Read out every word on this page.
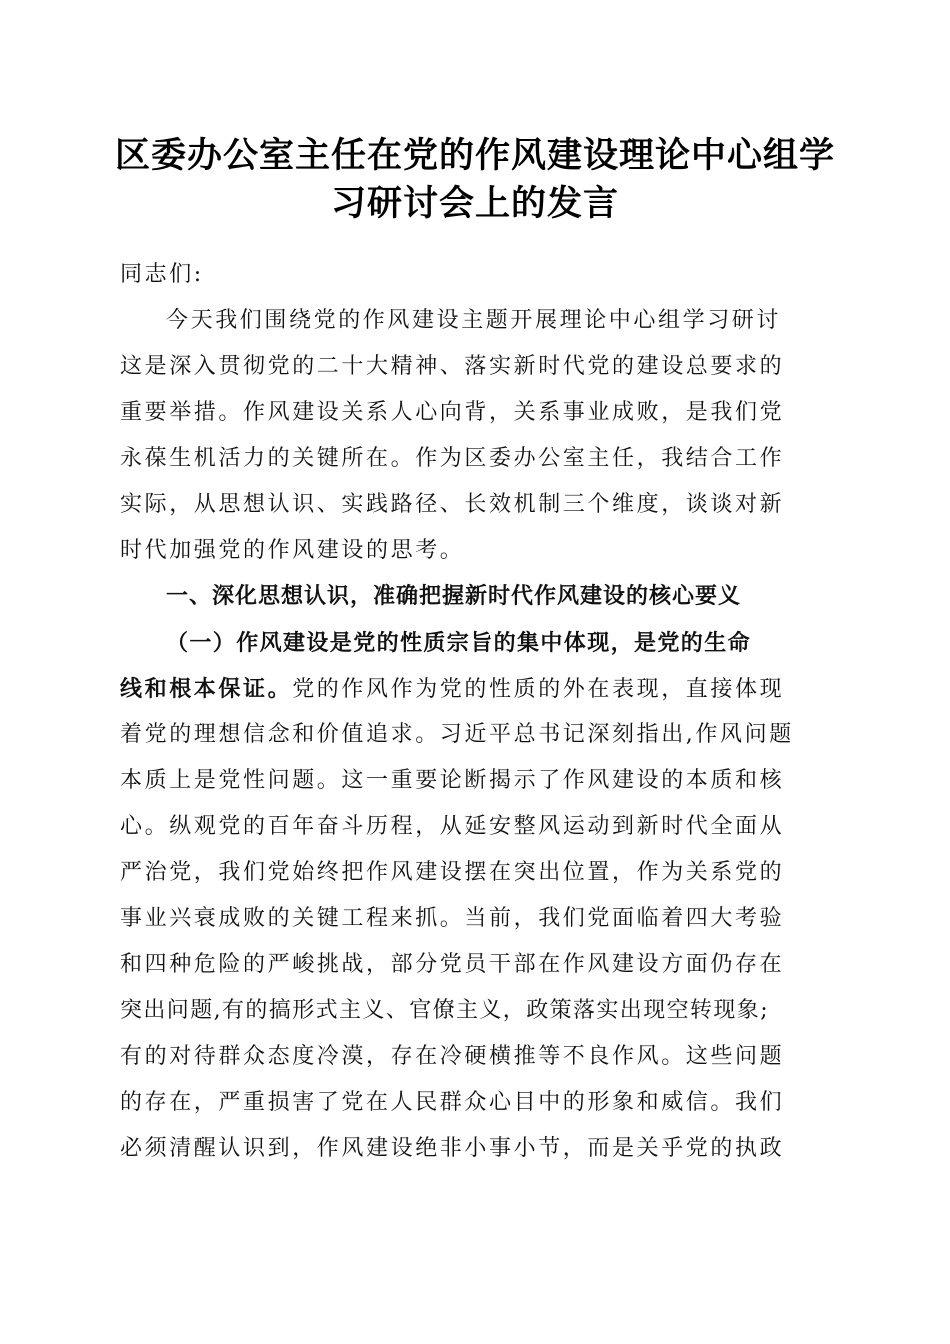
区委办公室主任在党的作风建设理论中心组学
习研讨会上的发言
同志们:
今天我们围绕党的作风建设主题开展理论中心组学习研讨
这是深入贯彻党的二十大精神、落实新时代党的建设总要求的
重要举措。作风建设关系人心向背，关系事业成败，是我们党
永葆生机活力的关键所在。作为区委办公室主任，我结合工作
实际，从思想认识、实践路径、长效机制三个维度，谈谈对新
时代加强党的作风建设的思考。
一、深化思想认识，准确把握新时代作风建设的核心要义
（一）作风建设是党的性质宗旨的集中体现，是党的生命
线和根本保证。党的作风作为党的性质的外在表现，直接体现
着党的理想信念和价值追求。习近平总书记深刻指出,作风问题
本质上是党性问题。这一重要论断揭示了作风建设的本质和核
心。纵观党的百年奋斗历程，从延安整风运动到新时代全面从
严治党，我们党始终把作风建设摆在突出位置，作为关系党的
事业兴衰成败的关键工程来抓。当前，我们党面临着四大考验
和四种危险的严峻挑战，部分党员干部在作风建设方面仍存在
突出问题,有的搞形式主义、官僚主义，政策落实出现空转现象;
有的对待群众态度冷漠，存在冷硬横推等不良作风。这些问题
的存在，严重损害了党在人民群众心目中的形象和威信。我们
必须清醒认识到，作风建设绝非小事小节，而是关乎党的执政
